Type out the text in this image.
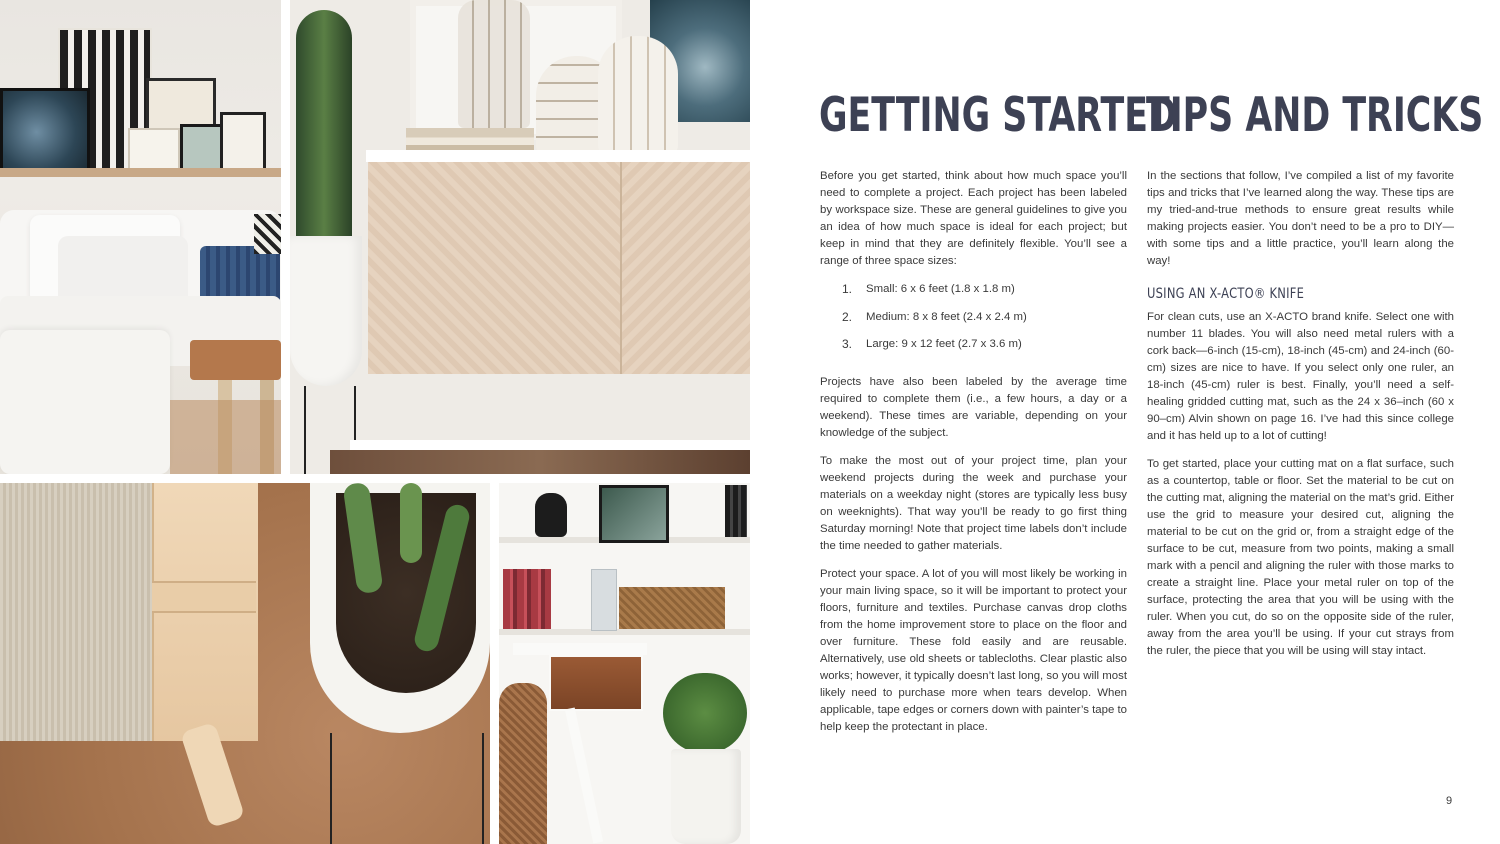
GETTING STARTED
TIPS AND TRICKS

Before you get started, think about how much space you’ll need to complete a project. Each project has been labeled by workspace size. These are general guidelines to give you an idea of how much space is ideal for each project; but keep in mind that they are definitely flexible. You’ll see a range of three space sizes:

1.	Small: 6 x 6 feet (1.8 x 1.8 m)
2.	Medium: 8 x 8 feet (2.4 x 2.4 m)
3.	Large: 9 x 12 feet (2.7 x 3.6 m)

Projects have also been labeled by the average time required to complete them (i.e., a few hours, a day or a weekend). These times are variable, depending on your knowledge of the subject.

To make the most out of your project time, plan your weekend projects during the week and purchase your materials on a weekday night (stores are typically less busy on weeknights). That way you’ll be ready to go first thing Saturday morning! Note that project time labels don’t include the time needed to gather materials.

Protect your space. A lot of you will most likely be working in your main living space, so it will be important to protect your floors, furniture and textiles. Purchase canvas drop cloths from the home improvement store to place on the floor and over furniture. These fold easily and are reusable. Alternatively, use old sheets or tablecloths. Clear plastic also works; however, it typically doesn’t last long, so you will most likely need to purchase more when tears develop. When applicable, tape edges or corners down with painter’s tape to help keep the protectant in place.

In the sections that follow, I’ve compiled a list of my favorite tips and tricks that I’ve learned along the way. These tips are my tried-and-true methods to ensure great results while making projects easier. You don’t need to be a pro to DIY—with some tips and a little practice, you’ll learn along the way!

USING AN X-ACTO® KNIFE

For clean cuts, use an X-ACTO brand knife. Select one with number 11 blades. You will also need metal rulers with a cork back—6-inch (15-cm), 18-inch (45-cm) and 24-inch (60-cm) sizes are nice to have. If you select only one ruler, an 18-inch (45-cm) ruler is best. Finally, you’ll need a self-healing gridded cutting mat, such as the 24 x 36–inch (60 x 90–cm) Alvin shown on page 16. I’ve had this since college and it has held up to a lot of cutting!

To get started, place your cutting mat on a flat surface, such as a countertop, table or floor. Set the material to be cut on the cutting mat, aligning the material on the mat’s grid. Either use the grid to measure your desired cut, aligning the material to be cut on the grid or, from a straight edge of the surface to be cut, measure from two points, making a small mark with a pencil and aligning the ruler with those marks to create a straight line. Place your metal ruler on top of the surface, protecting the area that you will be using with the ruler. When you cut, do so on the opposite side of the ruler, away from the area you’ll be using. If your cut strays from the ruler, the piece that you will be using will stay intact.

9
